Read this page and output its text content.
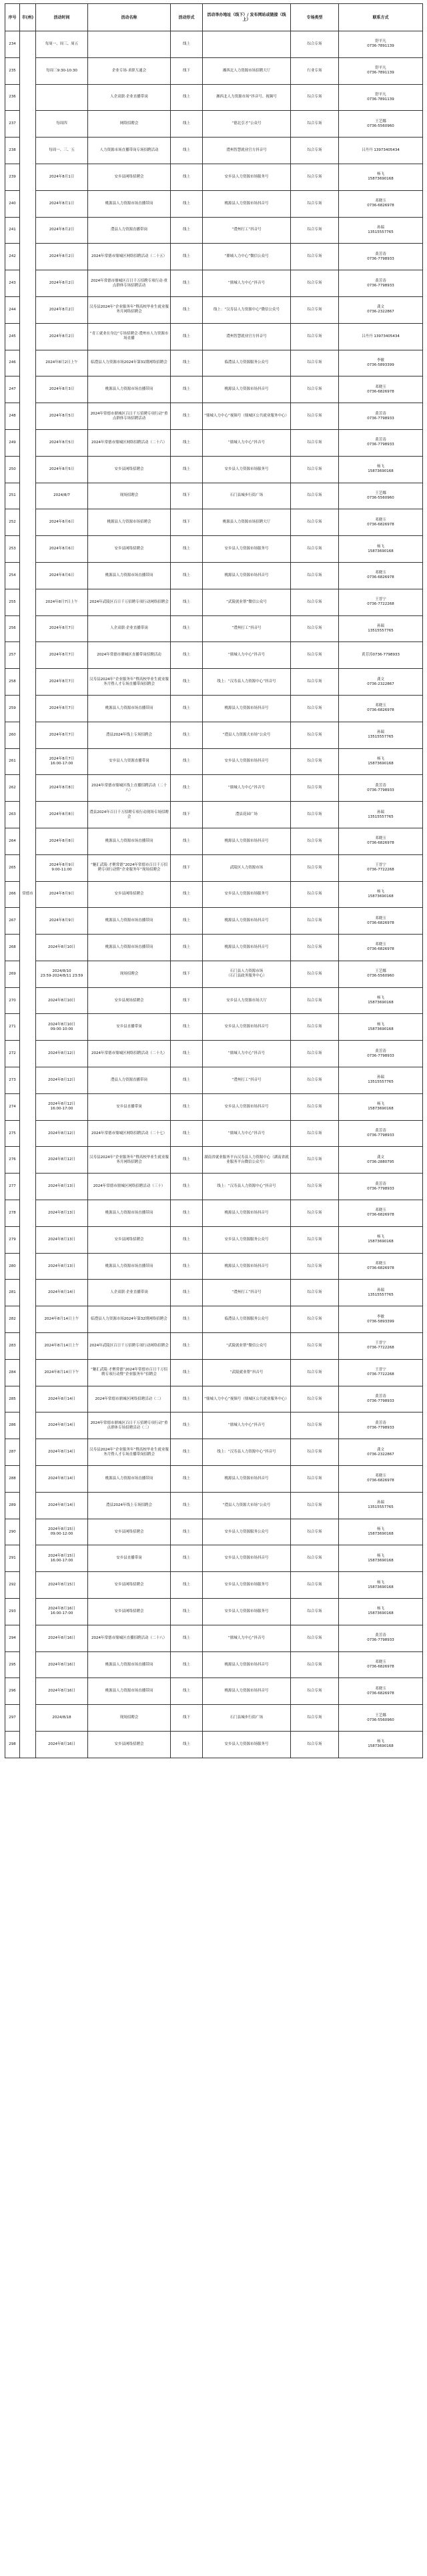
序号	市(州)	活动时间	活动名称	活动形式	活动举办地址（线下）/ 发布网站或链接（线上）	专场类型	联系方式
234	常德市	每周一、周三、周五		线上		综合专场	舒平凡
0736-7891139
235		每周三9:30-10:30	企业专场·求职互通会	线下	湘西北人力资源市场招聘大厅	行业专场	舒平凡
0736-7891139
236			人企双联·企业直播带岗	线上	湘西北人力资源市场“抖音号、视频号	综合专场	舒平凡
0736-7891139
237		每周四	网络招聘会	线上	“德北引才”公众号	综合专场	王艺娜
0736-5560960
238		每周一、三、五	人力资源市场直播带岗专场招聘活动	线上	澧州智慧就业官方抖音号	综合专场	吕丹丹 13973405434
239		2024年8月1日	安乡县网络招聘会	线上	安乡县人力资源市场服务号	综合专场	杨飞
15873690168
240		2024年8月1日	桃源县人力资源市场直播带岗	线上	桃源县人力资源市场抖音号	综合专场	邓晓玉
0736-6826978
241		2024年8月2日	澧县人力资源直播带岗	线上	“澧州打工”抖音号	综合专场	孙瑞
13515557765
242		2024年8月2日	2024年常德市鼎城区网络招聘活动（二十五）	线上	“鼎城人力中心”微信公众号	综合专场	黄芳涛
0736-7798933
243		2024年8月2日	2024年常德市鼎城区百日千万招聘专项行动·重点群体专场招聘活动	线上	“鼎城人力中心”抖音号	综合专场	黄芳涛
0736-7798933
244		2024年8月2日	汉寿县2024年“企业服务年”暨高校毕业生就业服务月网络招聘会	线上	线上：“汉寿县人力资源中心”微信公众号	综合专场	龚文
0736-2322867
245		2024年8月2日	“青工就业在身边”专场招聘会·澧州市人力资源市场直播	线上	澧州智慧就业官方抖音号	综合专场	吕丹丹 13973405434
246		2024年8月2日上午	临澧县人力资源市场2024年第31期网络招聘会	线上	临澧县人力资源服务公众号	综合专场	李敏
0736-5893399
247		2024年8月3日	桃源县人力资源市场直播带岗	线上	桃源县人力资源市场抖音号	综合专场	邓晓玉
0736-6826978
248		2024年8月5日	2024年常德市鼎城区百日千万招聘专项行动”重点群体专场招聘活动	线上	“鼎城人力中心”视频号（鼎城区公共就业服务中心）	综合专场	黄芳涛
0736-7798933
249		2024年8月5日	2024年常德市鼎城区网络招聘活动（二十六）	线上	“鼎城人力中心”抖音号	综合专场	黄芳涛
0736-7798933
250		2024年8月5日	安乡县网络招聘会	线上	安乡县人力资源市场服务号	综合专场	杨飞
15873690168
251		2024/8/7	现场招聘会	线下	石门县城步行街广场	综合专场	王艺娜
0736-5560960
252		2024年8月6日	桃源县人力资源市场招聘会	线下	桃源县人力资源市场招聘大厅	综合专场	邓晓玉
0736-6826978
253		2024年8月6日	安乡县网络招聘会	线上	安乡县人力资源市场服务号	综合专场	杨飞
15873690168
254		2024年8月6日	桃源县人力资源市场直播带岗	线上	桃源县人力资源市场抖音号	综合专场	邓晓玉
0736-6826978
255		2024年8月7日上午	2024年武陵区百日千万招聘专项行动网络招聘会	线上	“武陵就业帮”微信公众号	综合专场	王晋宁
0736-7722268
256		2024年8月7日	人企双联·企业直播带岗	线上	“澧州打工”抖音号	综合专场	孙瑞
13515557765
257		2024年8月7日	2024年常德市鼎城区直播带岗招聘活动	线上	“鼎城人力中心”抖音号	综合专场	黄芳涛0736-7798933
258		2024年8月7日	汉寿县2024年“企业服务年”暨高校毕业生就业服务月暨人才专场直播带岗招聘会	线上	线上：“汉寿县人力资源中心”抖音号	综合专场	龚文
0736-2322867
259		2024年8月7日	桃源县人力资源市场直播带岗	线上	桃源县人力资源市场抖音号	综合专场	邓晓玉
0736-6826978
260		2024年8月7日	澧县2024年线上专场招聘会	线上	“澧县人力资源大市场”公众号	综合专场	孙瑞
13515557765
261		2024年8月7日
16:00-17:00	安乡县人力资源直播带岗	线上	安乡县人力资源市场抖音号	综合专场	杨飞
15873690168
262		2024年8月8日	2024年常德市鼎城区线上直播招聘活动（二十八）	线上	“鼎城人力中心”抖音号	综合专场	黄芳涛
0736-7798933
263		2024年8月8日	澧县2024年百日千万招聘专项行动现场专场招聘会	线下	澧县花园广场	综合专场	孙瑞
13515557765
264		2024年8月8日	桃源县人力资源市场直播带岗	线上	桃源县人力资源市场抖音号	综合专场	邓晓玉
0736-6826978
265		2024年8月9日
9:00-11:00	“魅汇武陵·才聚常德”2024年常德市百日千万招聘专项行动暨“企业服务年”现场招聘会	线下	武陵区人力资源市场	综合专场	王晋宁
0736-7722268
266		2024年8月9日	安乡县网络招聘会	线上	安乡县人力资源市场服务号	综合专场	杨飞
15873690168
267		2024年8月9日	桃源县人力资源市场直播带岗	线上	桃源县人力资源市场抖音号	综合专场	邓晓玉
0736-6826978
268		2024年8月10日	桃源县人力资源市场直播带岗	线上	桃源县人力资源市场抖音号	综合专场	邓晓玉
0736-6826978
269		2024/8/10
23:59-2024/8/11 23:59	现场招聘会	线下	石门县人力资源市场
（石门县政务服务中心）	综合专场	王艺娜
0736-5560960
270		2024年8月10日	安乡县现场招聘会	线下	安乡县人力资源市场大厅	综合专场	杨飞
15873690168
271		2024年8月10日
09:00-10:00	安乡县直播带岗	线上	安乡县人力资源市场抖音号	综合专场	杨飞
15873690168
272		2024年8月12日	2024年常德市鼎城区网络招聘活动（二十九）	线上	“鼎城人力中心”抖音号	综合专场	黄芳涛
0736-7798933
273		2024年8月12日	澧县人力资源直播带岗	线上	“澧州打工”抖音号	综合专场	孙瑞
13515557765
274		2024年8月12日
16:00-17:00	安乡县直播带岗	线上	安乡县人力资源市场抖音号	综合专场	杨飞
15873690168
275		2024年8月12日	2024年常德市鼎城区网络招聘活动（二十七）	线上	“鼎城人力中心”抖音号	综合专场	黄芳涛
0736-7798933
276		2024年8月12日	汉寿县2024年“企业服务年”暨高校毕业生就业服务月网络招聘会	线上	湖南省就业服务平台汉寿县人力资源中心（湖南省就业服务平台微信公众号）	综合专场	龚文
0736-2880795
277		2024年8月13日	2024年常德市鼎城区网络招聘活动（三十）	线上	线上：“汉寿县人力资源中心”抖音号	综合专场	黄芳涛
0736-7798933
278		2024年8月13日	桃源县人力资源市场直播带岗	线上	桃源县人力资源市场抖音号	综合专场	邓晓玉
0736-6826978
279		2024年8月13日	安乡县网络招聘会	线上	安乡县人力资源服务公众号	综合专场	杨飞
15873690168
280		2024年8月13日	桃源县人力资源市场直播带岗	线上	桃源县人力资源市场抖音号	综合专场	邓晓玉
0736-6826978
281		2024年8月14日	人企双联·企业直播带岗	线上	“澧州打工”抖音号	综合专场	孙瑞
13515557765
282		2024年8月14日上午	临澧县人力资源市场2024年第32期网络招聘会	线上	临澧县人力资源服务公众号	综合专场	李敏
0736-5893399
283		2024年8月14日上午	2024年武陵区百日千万招聘专项行动网络招聘会	线上	“武陵就业帮”微信公众号	综合专场	王晋宁
0736-7722268
284		2024年8月14日下午	“魅汇武陵·才聚常德”2024年常德市百日千万招聘专项行动暨“企业服务年”招聘会	线上	“武陵就业帮”抖音号	综合专场	王晋宁
0736-7722268
285		2024年8月14日	2024年常德市鼎城区网络招聘活动（二）	线上	“鼎城人力中心”视频号（鼎城区公共就业服务中心）	综合专场	黄芳涛
0736-7798933
286		2024年8月14日	2024年常德市鼎城区百日千万招聘专项行动”重点群体专场招聘活动（二）	线上	“鼎城人力中心”抖音号	综合专场	黄芳涛
0736-7798933
287		2024年8月14日	汉寿县2024年“企业服务年”暨高校毕业生就业服务月暨人才专场直播带岗招聘会	线上	线上：“汉寿县人力资源中心”抖音号	综合专场	龚文
0736-2322867
288		2024年8月14日	桃源县人力资源市场直播带岗	线上	桃源县人力资源市场抖音号	综合专场	邓晓玉
0736-6826978
289		2024年8月14日	澧县2024年线上专场招聘会	线上	“澧县人力资源大市场”公众号	综合专场	孙瑞
13515557765
290		2024年8月15日
09:00-12:00	安乡县网络招聘会	线上	安乡县人力资源服务公众号	综合专场	杨飞
15873690168
291		2024年8月15日
16:00-17:00	安乡县直播带岗	线上	安乡县人力资源市场抖音号	综合专场	杨飞
15873690168
292		2024年8月15日	安乡县网络招聘会	线上	安乡县人力资源市场服务号	综合专场	杨飞
15873690168
293		2024年8月16日
16:00-17:00	安乡县网络招聘会	线上	安乡县人力资源市场服务号	综合专场	杨飞
15873690168
294		2024年8月16日	2024年常德市鼎城区直播招聘活动（二十八）	线上	“鼎城人力中心”抖音号	综合专场	黄芳涛
0736-7798933
295		2024年8月16日	桃源县人力资源市场直播带岗	线上	桃源县人力资源市场抖音号	综合专场	邓晓玉
0736-6826978
296		2024年8月16日	桃源县人力资源市场直播带岗	线上	桃源县人力资源市场抖音号	综合专场	邓晓玉
0736-6826978
297		2024/8/18	现场招聘会	线下	石门县城步行街广场	综合专场	王艺娜
0736-5560960
298		2024年8月16日	安乡县网络招聘会	线上	安乡县人力资源市场服务号	综合专场	杨飞
15873690168
